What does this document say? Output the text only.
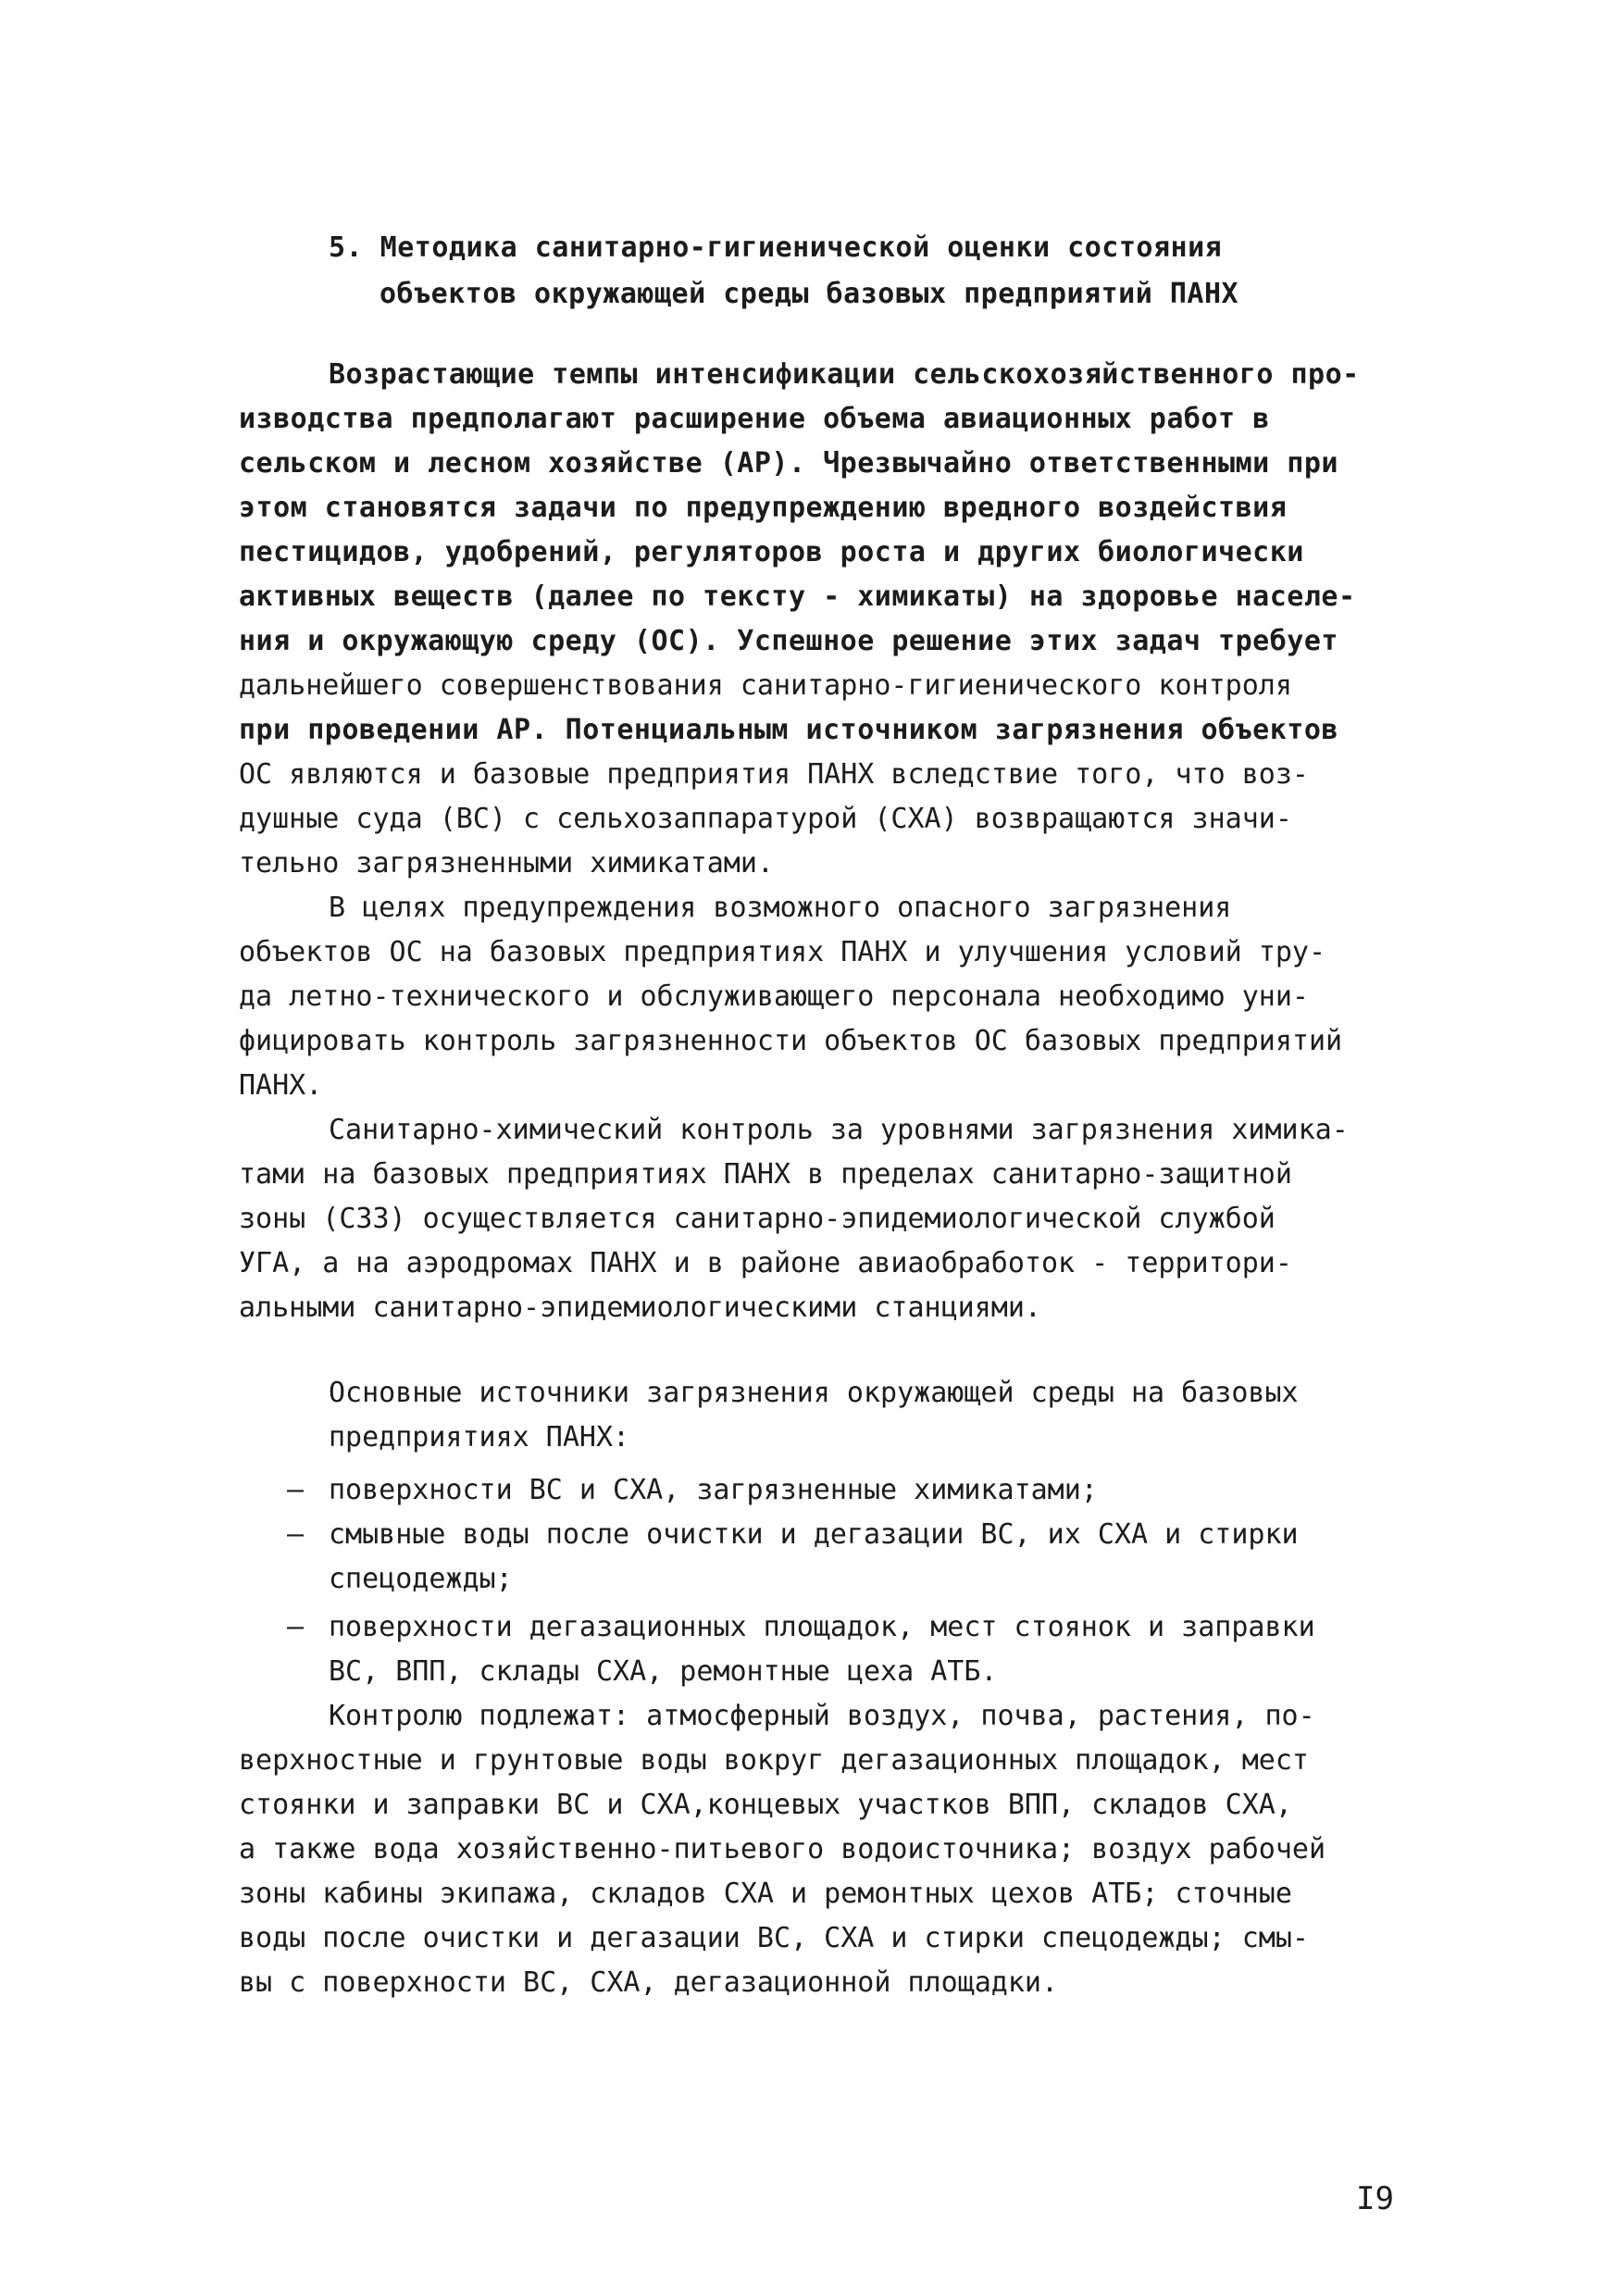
5. Методика санитарно-гигиенической оценки состояния
объектов окружающей среды базовых предприятий ПАНХ
Возрастающие темпы интенсификации сельскохозяйственного про-
изводства предполагают расширение объема авиационных работ в
сельском и лесном хозяйстве (АР). Чрезвычайно ответственными при
этом становятся задачи по предупреждению вредного воздействия
пестицидов, удобрений, регуляторов роста и других биологически
активных веществ (далее по тексту - химикаты) на здоровье населе-
ния и окружающую среду (ОС). Успешное решение этих задач требует
дальнейшего совершенствования санитарно-гигиенического контроля
при проведении АР. Потенциальным источником загрязнения объектов
ОС являются и базовые предприятия ПАНХ вследствие того, что воз-
душные суда (ВС) с сельхозаппаратурой (СХА) возвращаются значи-
тельно загрязненными химикатами.
В целях предупреждения возможного опасного загрязнения
объектов ОС на базовых предприятиях ПАНХ и улучшения условий тру-
да летно-технического и обслуживающего персонала необходимо уни-
фицировать контроль загрязненности объектов ОС базовых предприятий
ПАНХ.
Санитарно-химический контроль за уровнями загрязнения химика-
тами на базовых предприятиях ПАНХ в пределах санитарно-защитной
зоны (СЗЗ) осуществляется санитарно-эпидемиологической службой
УГА, а на аэродромах ПАНХ и в районе авиаобработок - территори-
альными санитарно-эпидемиологическими станциями.
Основные источники загрязнения окружающей среды на базовых
предприятиях ПАНХ:
— поверхности ВС и СХА, загрязненные химикатами;
— смывные воды после очистки и дегазации ВС, их СХА и стирки
спецодежды;
— поверхности дегазационных площадок, мест стоянок и заправки
ВС, ВПП, склады СХА, ремонтные цеха АТБ.
Контролю подлежат: атмосферный воздух, почва, растения, по-
верхностные и грунтовые воды вокруг дегазационных площадок, мест
стоянки и заправки ВС и СХА,концевых участков ВПП, складов СХА,
а также вода хозяйственно-питьевого водоисточника; воздух рабочей
зоны кабины экипажа, складов СХА и ремонтных цехов АТБ; сточные
воды после очистки и дегазации ВС, СХА и стирки спецодежды; смы-
вы с поверхности ВС, СХА, дегазационной площадки.
I9
